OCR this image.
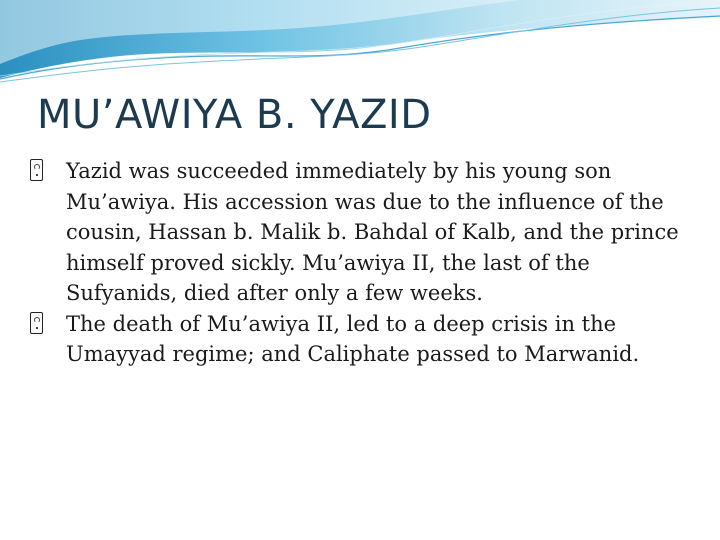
MU’AWIYA B. YAZID
Yazid was succeeded immediately by his young son Mu’awiya. His accession was due to the influence of the cousin, Hassan b. Malik b. Bahdal of Kalb, and the prince himself proved sickly. Mu’awiya II, the last of the Sufyanids, died after only a few weeks.
The death of Mu’awiya II, led to a deep crisis in the Umayyad regime; and Caliphate passed to Marwanid.
